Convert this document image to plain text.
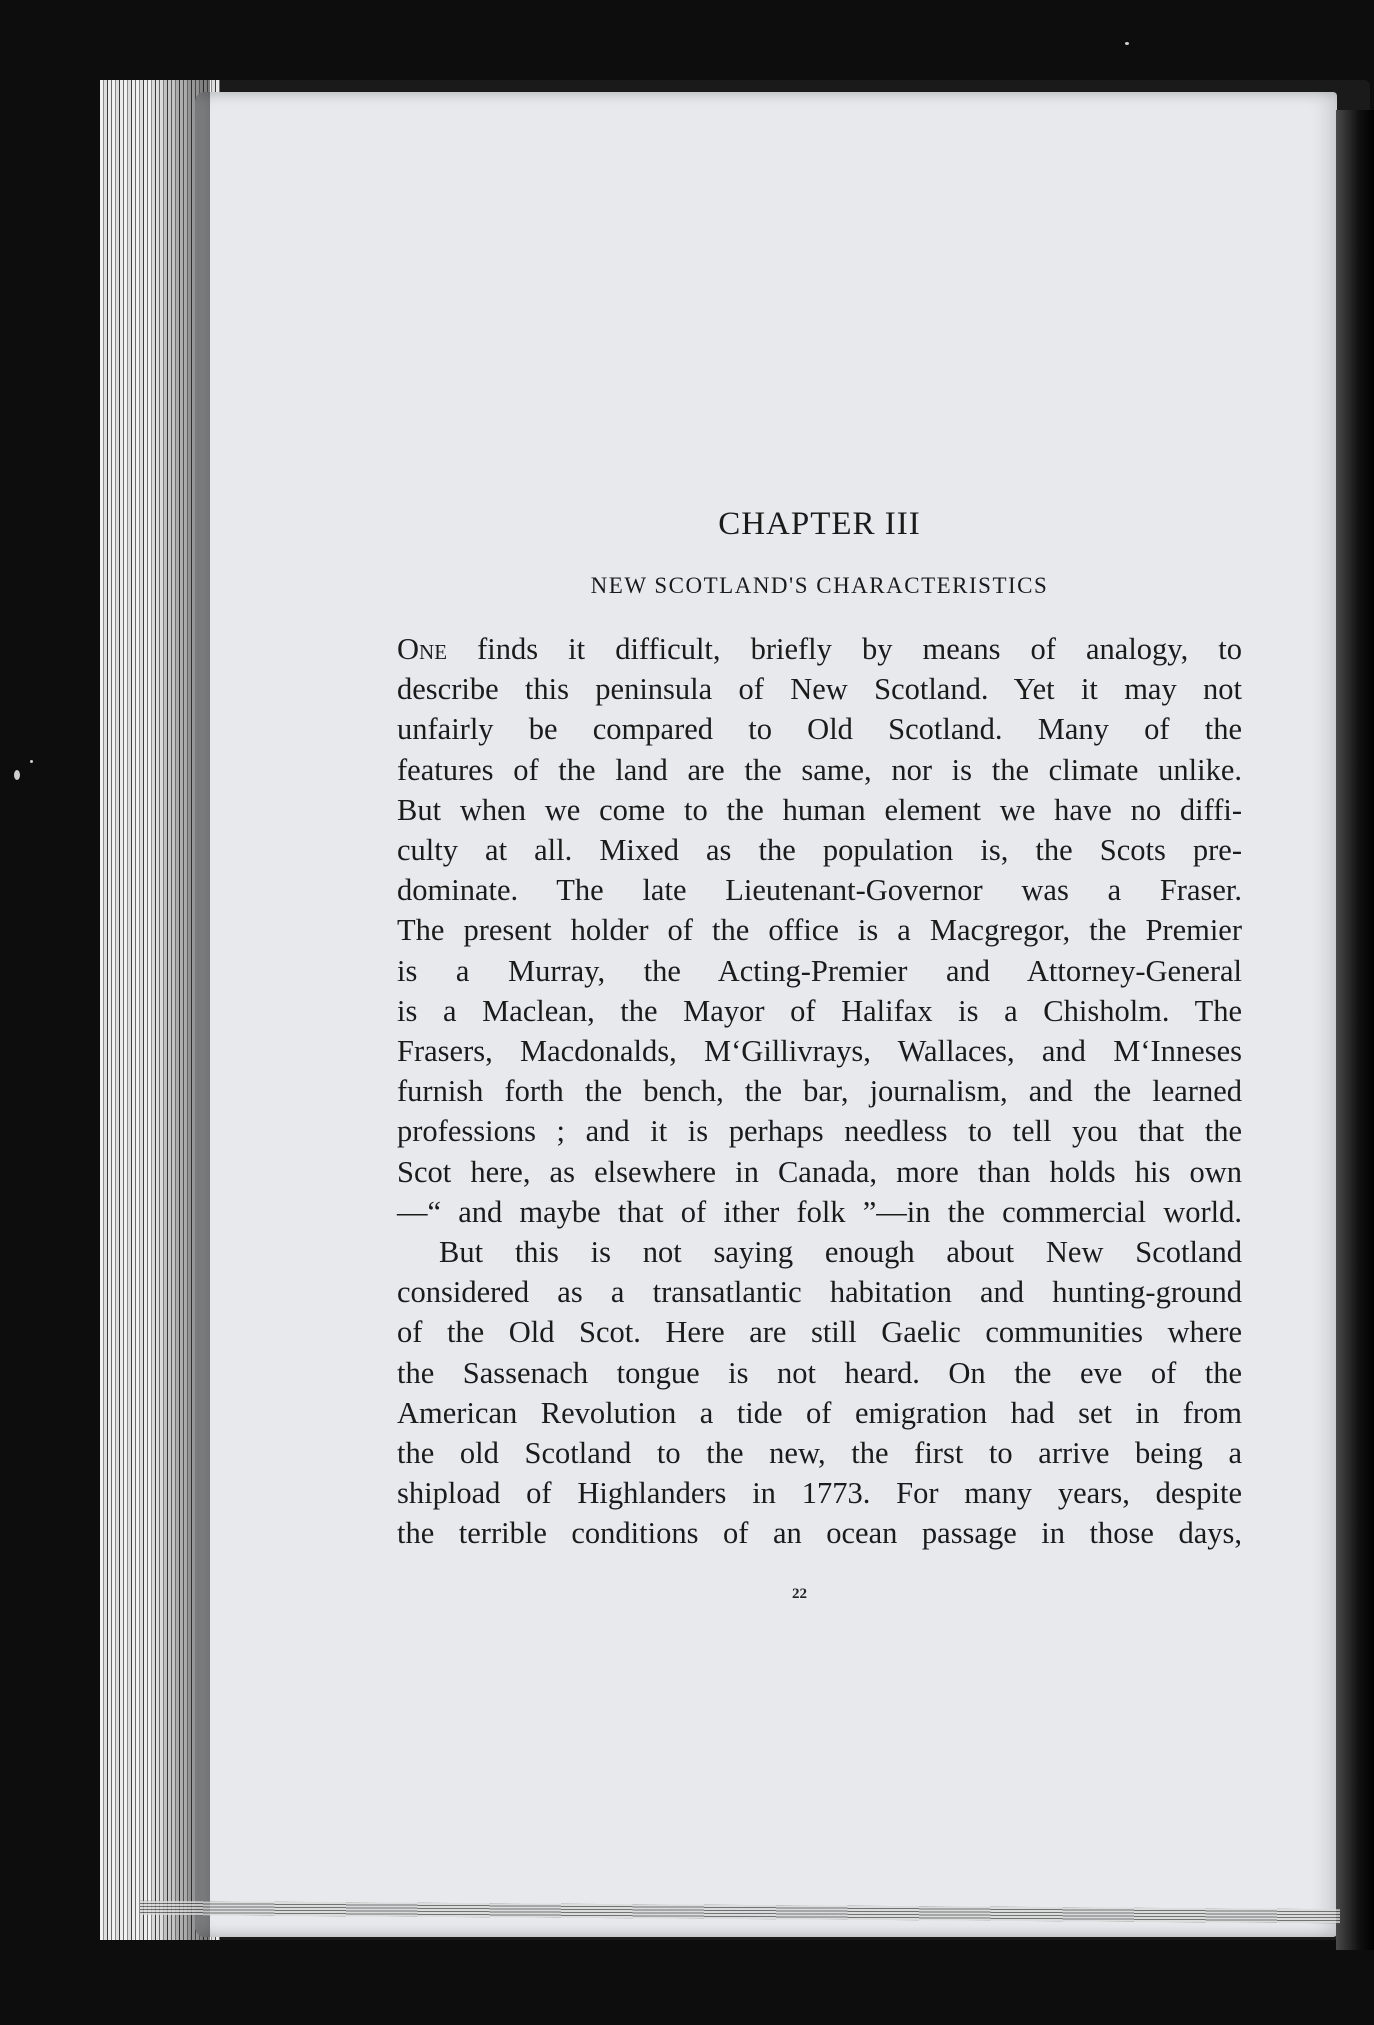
CHAPTER III
NEW SCOTLAND'S CHARACTERISTICS

One finds it difficult, briefly by means of analogy, to
describe this peninsula of New Scotland. Yet it may not
unfairly be compared to Old Scotland. Many of the
features of the land are the same, nor is the climate unlike.
But when we come to the human element we have no diffi-
culty at all. Mixed as the population is, the Scots pre-
dominate. The late Lieutenant-Governor was a Fraser.
The present holder of the office is a Macgregor, the Premier
is a Murray, the Acting-Premier and Attorney-General
is a Maclean, the Mayor of Halifax is a Chisholm. The
Frasers, Macdonalds, M‘Gillivrays, Wallaces, and M‘Inneses
furnish forth the bench, the bar, journalism, and the learned
professions ; and it is perhaps needless to tell you that the
Scot here, as elsewhere in Canada, more than holds his own
—“ and maybe that of ither folk ”—in the commercial world.

But this is not saying enough about New Scotland
considered as a transatlantic habitation and hunting-ground
of the Old Scot. Here are still Gaelic communities where
the Sassenach tongue is not heard. On the eve of the
American Revolution a tide of emigration had set in from
the old Scotland to the new, the first to arrive being a
shipload of Highlanders in 1773. For many years, despite
the terrible conditions of an ocean passage in those days,

22
